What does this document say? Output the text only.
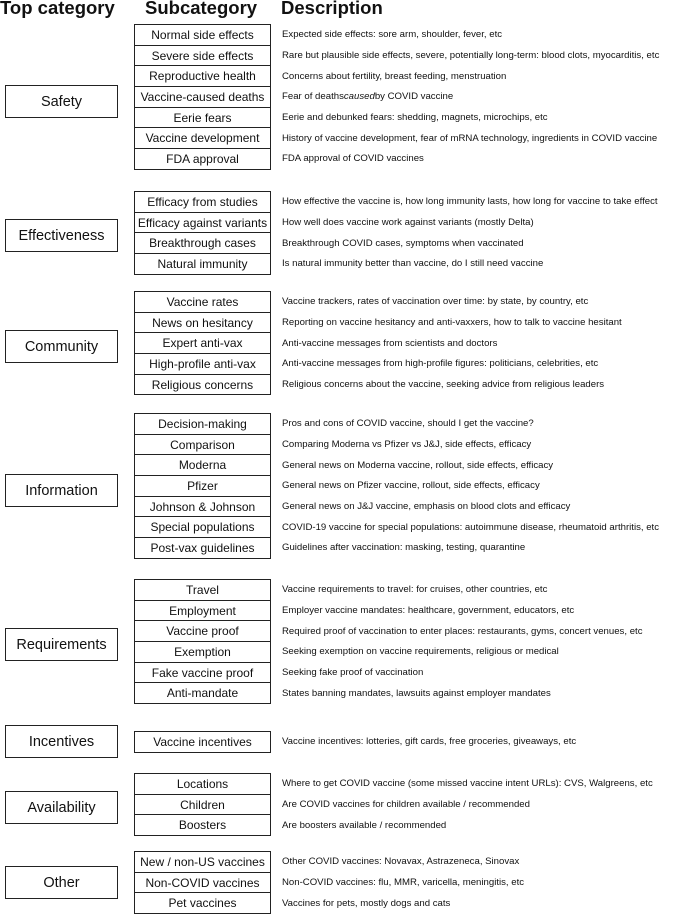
Top category Subcategory Description
Safety
Normal side effects
Severe side effects
Reproductive health
Vaccine-caused deaths
Eerie fears
Vaccine development
FDA approval
Expected side effects: sore arm, shoulder, fever, etc
Rare but plausible side effects, severe, potentially long-term: blood clots, myocarditis, etc
Concerns about fertility, breast feeding, menstruation
Fear of deaths caused by COVID vaccine
Eerie and debunked fears: shedding, magnets, microchips, etc
History of vaccine development, fear of mRNA technology, ingredients in COVID vaccine
FDA approval of COVID vaccines
Effectiveness
Efficacy from studies
Efficacy against variants
Breakthrough cases
Natural immunity
How effective the vaccine is, how long immunity lasts, how long for vaccine to take effect
How well does vaccine work against variants (mostly Delta)
Breakthrough COVID cases, symptoms when vaccinated
Is natural immunity better than vaccine, do I still need vaccine
Community
Vaccine rates
News on hesitancy
Expert anti-vax
High-profile anti-vax
Religious concerns
Vaccine trackers, rates of vaccination over time: by state, by country, etc
Reporting on vaccine hesitancy and anti-vaxxers, how to talk to vaccine hesitant
Anti-vaccine messages from scientists and doctors
Anti-vaccine messages from high-profile figures: politicians, celebrities, etc
Religious concerns about the vaccine, seeking advice from religious leaders
Information
Decision-making
Comparison
Moderna
Pfizer
Johnson & Johnson
Special populations
Post-vax guidelines
Pros and cons of COVID vaccine, should I get the vaccine?
Comparing Moderna vs Pfizer vs J&J, side effects, efficacy
General news on Moderna vaccine, rollout, side effects, efficacy
General news on Pfizer vaccine, rollout, side effects, efficacy
General news on J&J vaccine, emphasis on blood clots and efficacy
COVID-19 vaccine for special populations: autoimmune disease, rheumatoid arthritis, etc
Guidelines after vaccination: masking, testing, quarantine
Requirements
Travel
Employment
Vaccine proof
Exemption
Fake vaccine proof
Anti-mandate
Vaccine requirements to travel: for cruises, other countries, etc
Employer vaccine mandates: healthcare, government, educators, etc
Required proof of vaccination to enter places: restaurants, gyms, concert venues, etc
Seeking exemption on vaccine requirements, religious or medical
Seeking fake proof of vaccination
States banning mandates, lawsuits against employer mandates
Incentives	Vaccine incentives	Vaccine incentives: lotteries, gift cards, free groceries, giveaways, etc
Availability
Locations
Children
Boosters
Where to get COVID vaccine (some missed vaccine intent URLs): CVS, Walgreens, etc
Are COVID vaccines for children available / recommended
Are boosters available / recommended
Other
New / non-US vaccines
Non-COVID vaccines
Pet vaccines
Other COVID vaccines: Novavax, Astrazeneca, Sinovax
Non-COVID vaccines: flu, MMR, varicella, meningitis, etc
Vaccines for pets, mostly dogs and cats
